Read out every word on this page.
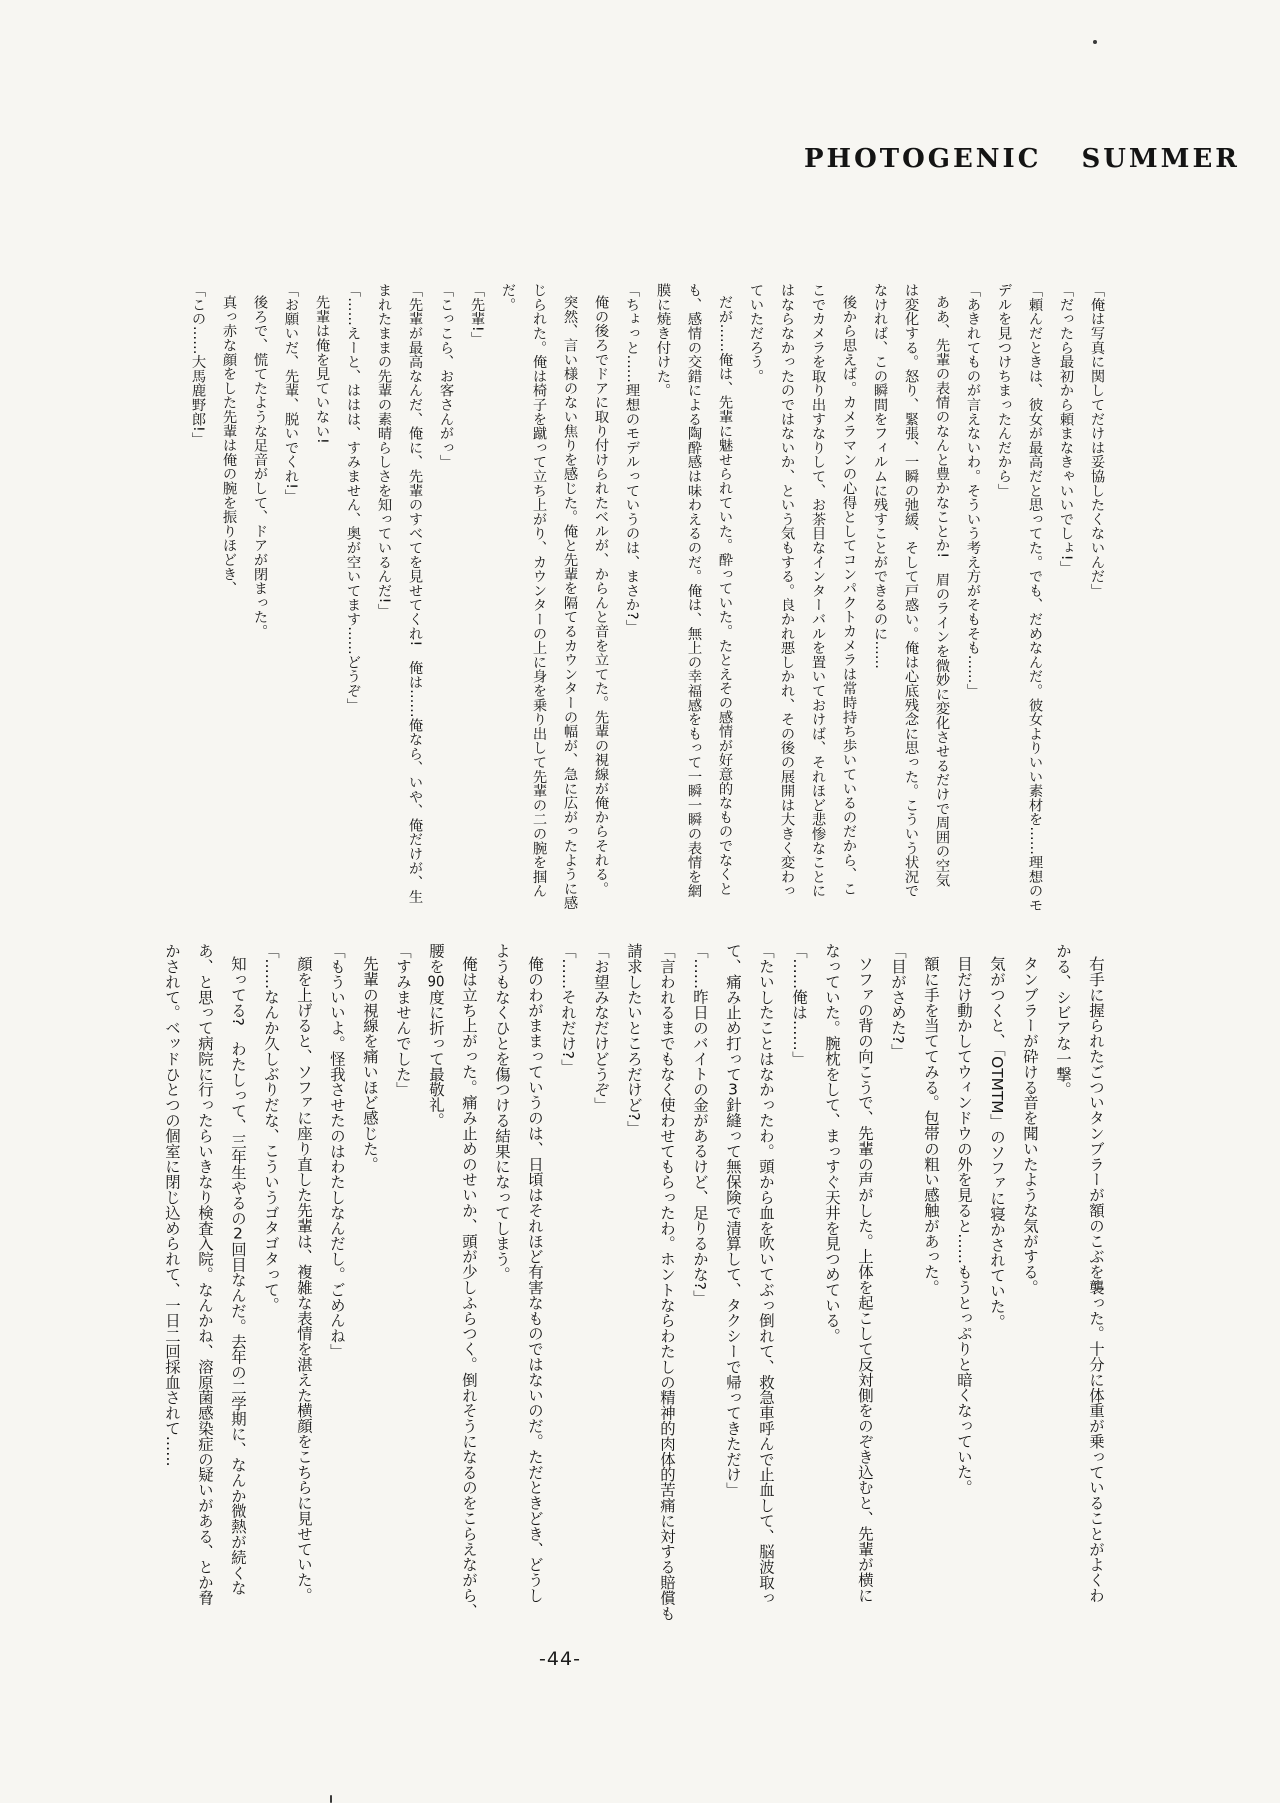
PHOTOGENIC SUMMER

「俺は写真に関してだけは妥協したくないんだ」

「だったら最初から頼まなきゃいいでしょ!」

「頼んだときは、彼女が最高だと思ってた。でも、だめなんだ。彼女よりいい素材を……理想のモ

デルを見つけちまったんだから」

「あきれてものが言えないわ。そういう考え方がそもそも……」

ああ、先輩の表情のなんと豊かなことか!　眉のラインを微妙に変化させるだけで周囲の空気

は変化する。怒り、緊張、一瞬の弛緩、そして戸惑い。俺は心底残念に思った。こういう状況で

なければ、この瞬間をフィルムに残すことができるのに……

後から思えば。カメラマンの心得としてコンパクトカメラは常時持ち歩いているのだから、こ

こでカメラを取り出すなりして、お茶目なインターバルを置いておけば、それほど悲惨なことに

はならなかったのではないか、という気もする。良かれ悪しかれ、その後の展開は大きく変わっ

ていただろう。

だが……俺は、先輩に魅せられていた。酔っていた。たとえその感情が好意的なものでなくと

も、感情の交錯による陶酔感は味わえるのだ。俺は、無上の幸福感をもって一瞬一瞬の表情を網

膜に焼き付けた。

「ちょっと……理想のモデルっていうのは、まさか?」

俺の後ろでドアに取り付けられたベルが、からんと音を立てた。先輩の視線が俺からそれる。

突然、言い様のない焦りを感じた。俺と先輩を隔てるカウンターの幅が、急に広がったように感

じられた。俺は椅子を蹴って立ち上がり、カウンターの上に身を乗り出して先輩の二の腕を掴ん

だ。

「先輩!」

「こっこら、お客さんがっ」

「先輩が最高なんだ、俺に、先輩のすべてを見せてくれ!　俺は……俺なら、いや、俺だけが、生

まれたままの先輩の素晴らしさを知っているんだ!」

「……えーと、ははは、すみません、奥が空いてます……どうぞ」

先輩は俺を見ていない!

「お願いだ、先輩、脱いでくれ!」

後ろで、慌てたような足音がして、ドアが閉まった。

真っ赤な顔をした先輩は俺の腕を振りほどき、

「この……大馬鹿野郎!」

右手に握られたごついタンブラーが額のこぶを襲った。十分に体重が乗っていることがよくわ

かる、シビアな一撃。

タンブラーが砕ける音を聞いたような気がする。

気がつくと、「OTMTM」のソファに寝かされていた。

目だけ動かしてウィンドウの外を見ると……もうとっぷりと暗くなっていた。

額に手を当ててみる。包帯の粗い感触があった。

「目がさめた?」

ソファの背の向こうで、先輩の声がした。上体を起こして反対側をのぞき込むと、先輩が横に

なっていた。腕枕をして、まっすぐ天井を見つめている。

「……俺は……」

「たいしたことはなかったわ。頭から血を吹いてぶっ倒れて、救急車呼んで止血して、脳波取っ

て、痛み止め打って3針縫って無保険で清算して、タクシーで帰ってきただけ」

「……昨日のバイトの金があるけど、足りるかな?」

「言われるまでもなく使わせてもらったわ。ホントならわたしの精神的肉体的苦痛に対する賠償も

請求したいところだけど?」

「お望みなだけどうぞ」

「……それだけ?」

俺のわがままっていうのは、日頃はそれほど有害なものではないのだ。ただときどき、どうし

ようもなくひとを傷つける結果になってしまう。

俺は立ち上がった。痛み止めのせいか、頭が少しふらつく。倒れそうになるのをこらえながら、

腰を90度に折って最敬礼。

「すみませんでした」

先輩の視線を痛いほど感じた。

「もういいよ。怪我させたのはわたしなんだし。ごめんね」

顔を上げると、ソファに座り直した先輩は、複雑な表情を湛えた横顔をこちらに見せていた。

「……なんか久しぶりだな、こういうゴタゴタって。

知ってる?　わたしって、三年生やるの2回目なんだ。去年の二学期に、なんか微熱が続くな

あ、と思って病院に行ったらいきなり検査入院。なんかね、溶原菌感染症の疑いがある、とか脅

かされて。ベッドひとつの個室に閉じ込められて、一日二回採血されて……

-44-
